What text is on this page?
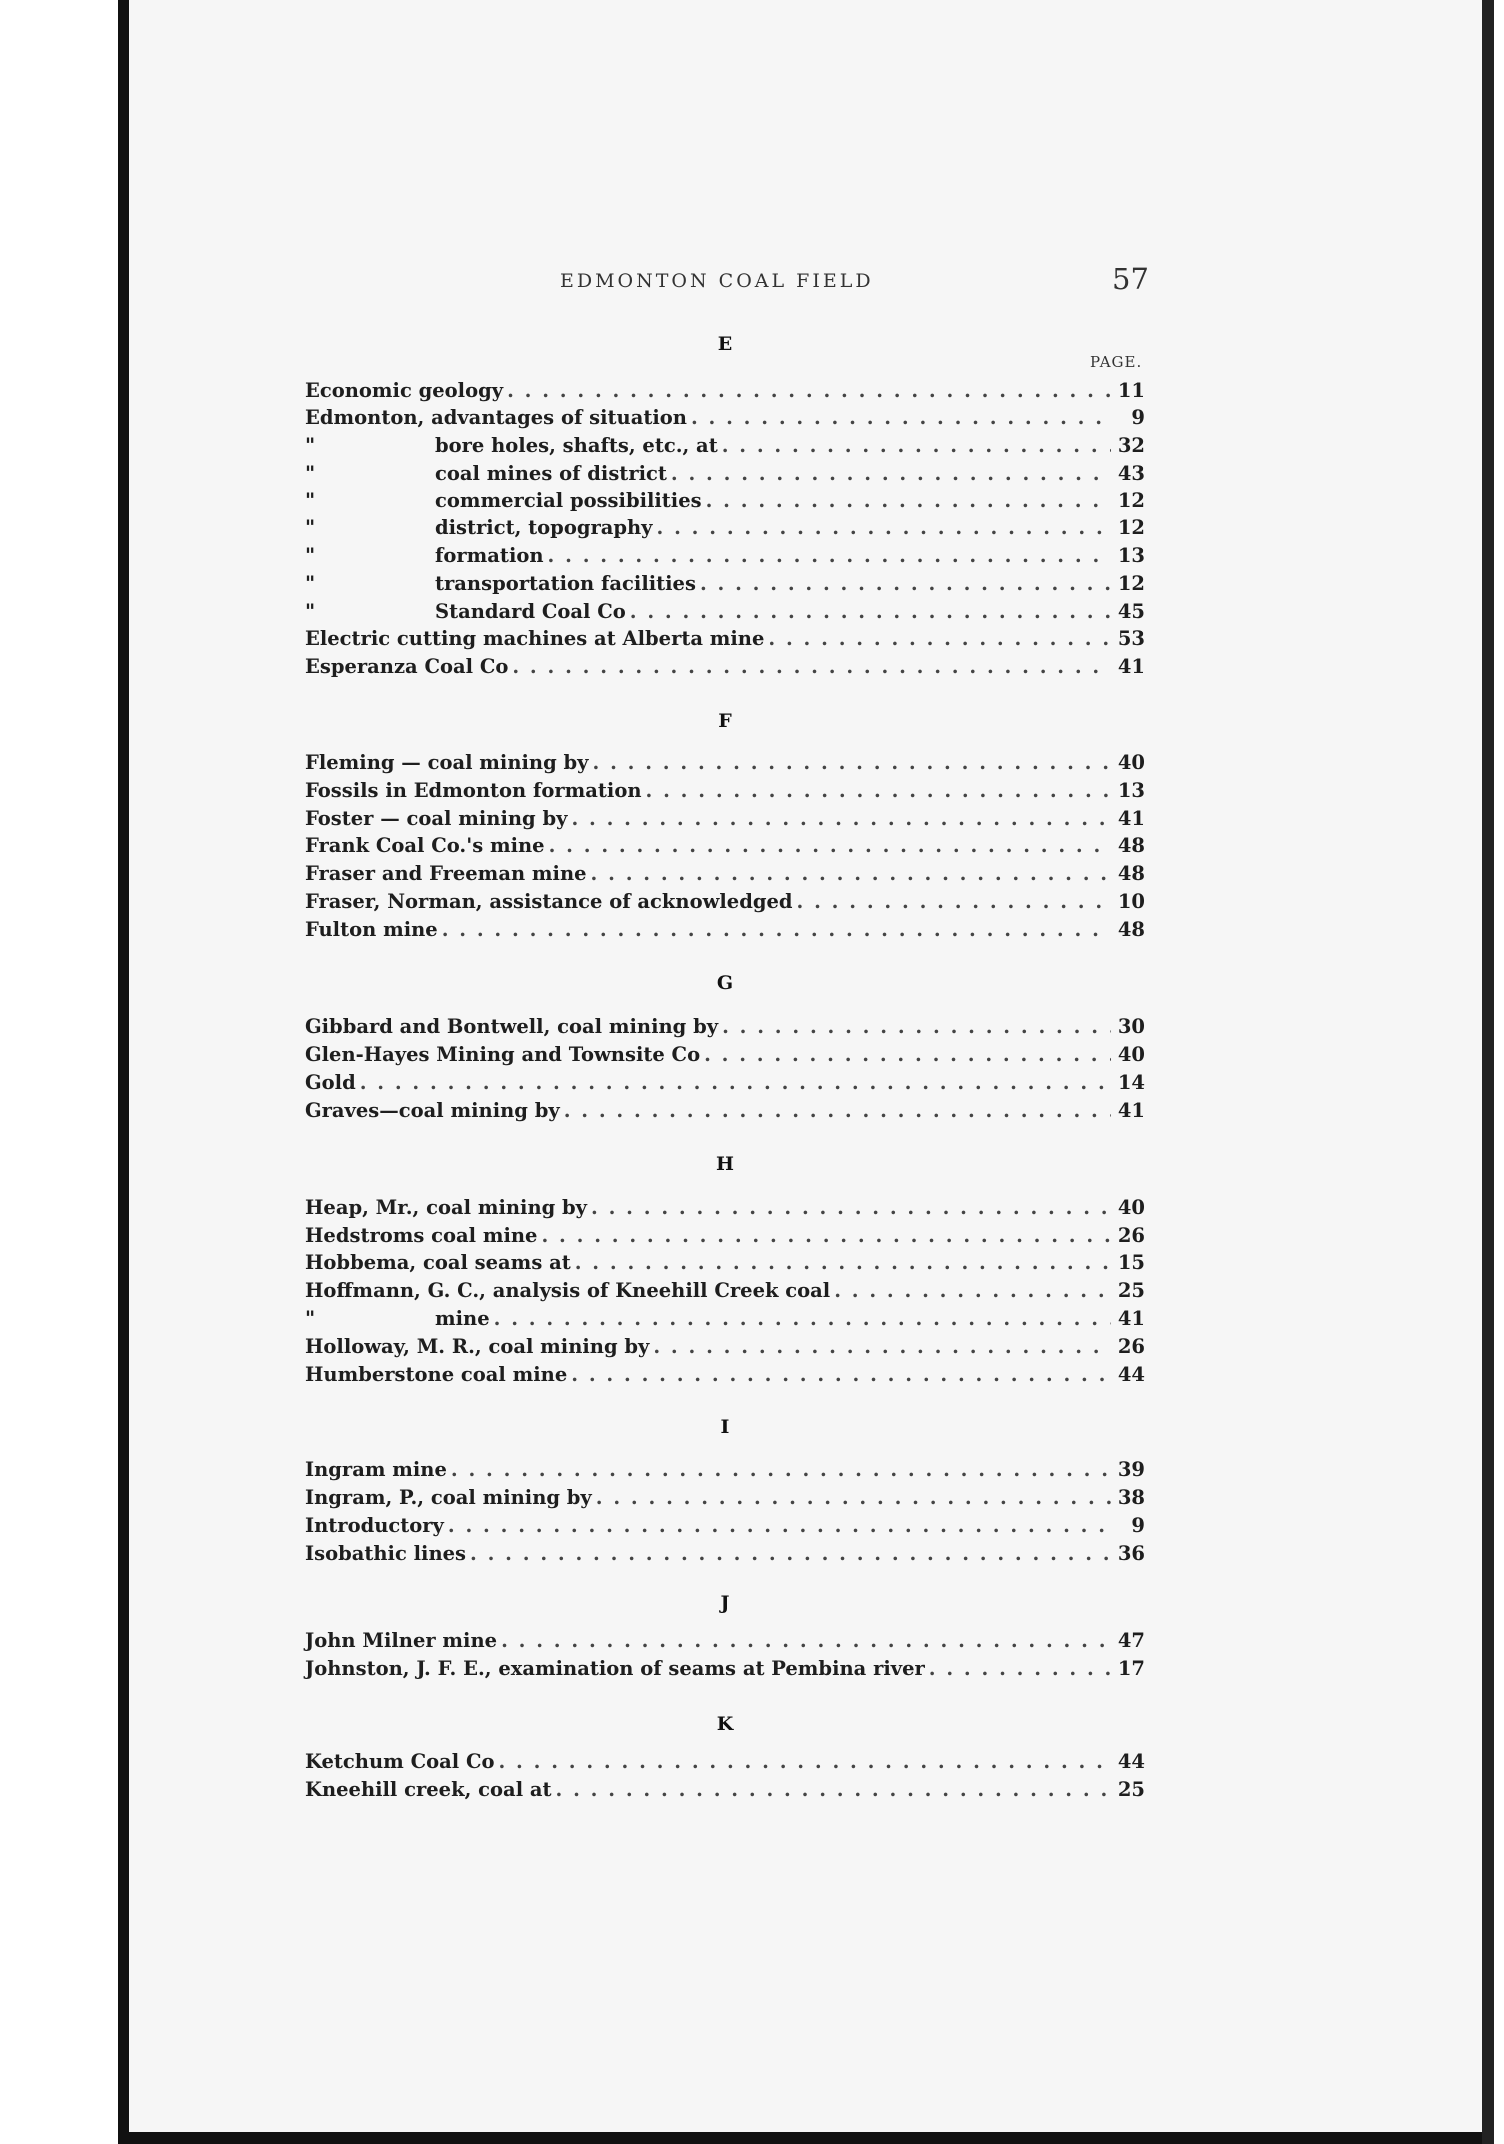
EDMONTON COAL FIELD	57
PAGE.
E
Economic geology . . .	11
Edmonton, advantages of situation . . .	9
"	bore holes, shafts, etc., at . . .	32
"	coal mines of district . . .	43
"	commercial possibilities . . .	12
"	district, topography . . .	12
"	formation . . .	13
"	transportation facilities . . .	12
"	Standard Coal Co . . .	45
Electric cutting machines at Alberta mine . . .	53
Esperanza Coal Co . . .	41
F
Fleming — coal mining by . . .	40
Fossils in Edmonton formation . . .	13
Foster — coal mining by . . .	41
Frank Coal Co.'s mine . . .	48
Fraser and Freeman mine . . .	48
Fraser, Norman, assistance of acknowledged . . .	10
Fulton mine . . .	48
G
Gibbard and Bontwell, coal mining by . . .	30
Glen-Hayes Mining and Townsite Co . . .	40
Gold . . .	14
Graves—coal mining by . . .	41
H
Heap, Mr., coal mining by . . .	40
Hedstroms coal mine . . .	26
Hobbema, coal seams at . . .	15
Hoffmann, G. C., analysis of Kneehill Creek coal . . .	25
"	mine . . .	41
Holloway, M. R., coal mining by . . .	26
Humberstone coal mine . . .	44
I
Ingram mine . . .	39
Ingram, P., coal mining by . . .	38
Introductory . . .	9
Isobathic lines . . .	36
J
John Milner mine . . .	47
Johnston, J. F. E., examination of seams at Pembina river . . .	17
K
Ketchum Coal Co . . .	44
Kneehill creek, coal at . . .	25
